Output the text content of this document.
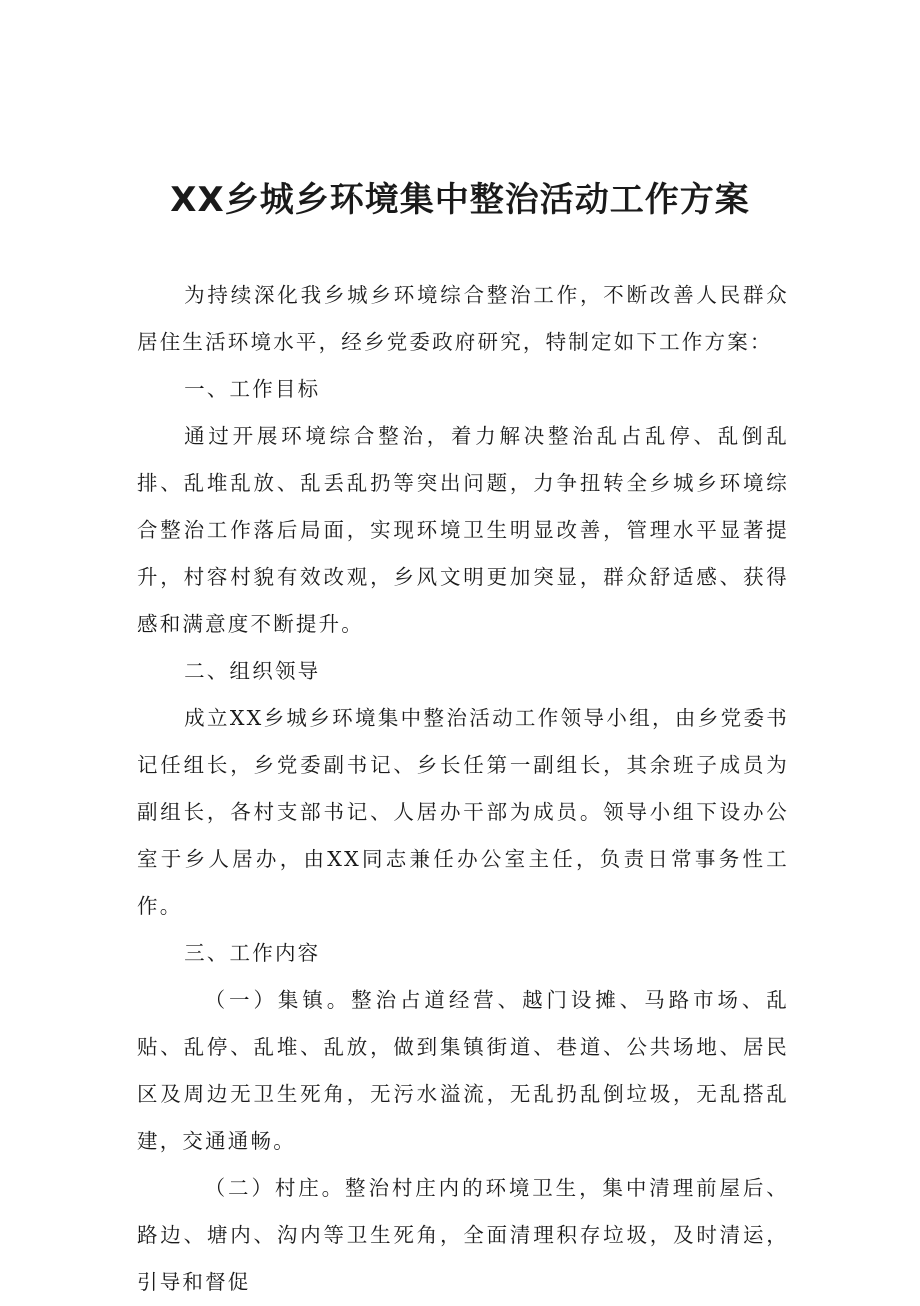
XX乡城乡环境集中整治活动工作方案

为持续深化我乡城乡环境综合整治工作，不断改善人民群众居住生活环境水平，经乡党委政府研究，特制定如下工作方案：

一、工作目标

通过开展环境综合整治，着力解决整治乱占乱停、乱倒乱排、乱堆乱放、乱丢乱扔等突出问题，力争扭转全乡城乡环境综合整治工作落后局面，实现环境卫生明显改善，管理水平显著提升，村容村貌有效改观，乡风文明更加突显，群众舒适感、获得感和满意度不断提升。

二、组织领导

成立XX乡城乡环境集中整治活动工作领导小组，由乡党委书记任组长，乡党委副书记、乡长任第一副组长，其余班子成员为副组长，各村支部书记、人居办干部为成员。领导小组下设办公室于乡人居办，由XX同志兼任办公室主任，负责日常事务性工作。

三、工作内容

（一）集镇。整治占道经营、越门设摊、马路市场、乱贴、乱停、乱堆、乱放，做到集镇街道、巷道、公共场地、居民区及周边无卫生死角，无污水溢流，无乱扔乱倒垃圾，无乱搭乱建，交通通畅。

（二）村庄。整治村庄内的环境卫生，集中清理前屋后、路边、塘内、沟内等卫生死角，全面清理积存垃圾，及时清运，引导和督促
